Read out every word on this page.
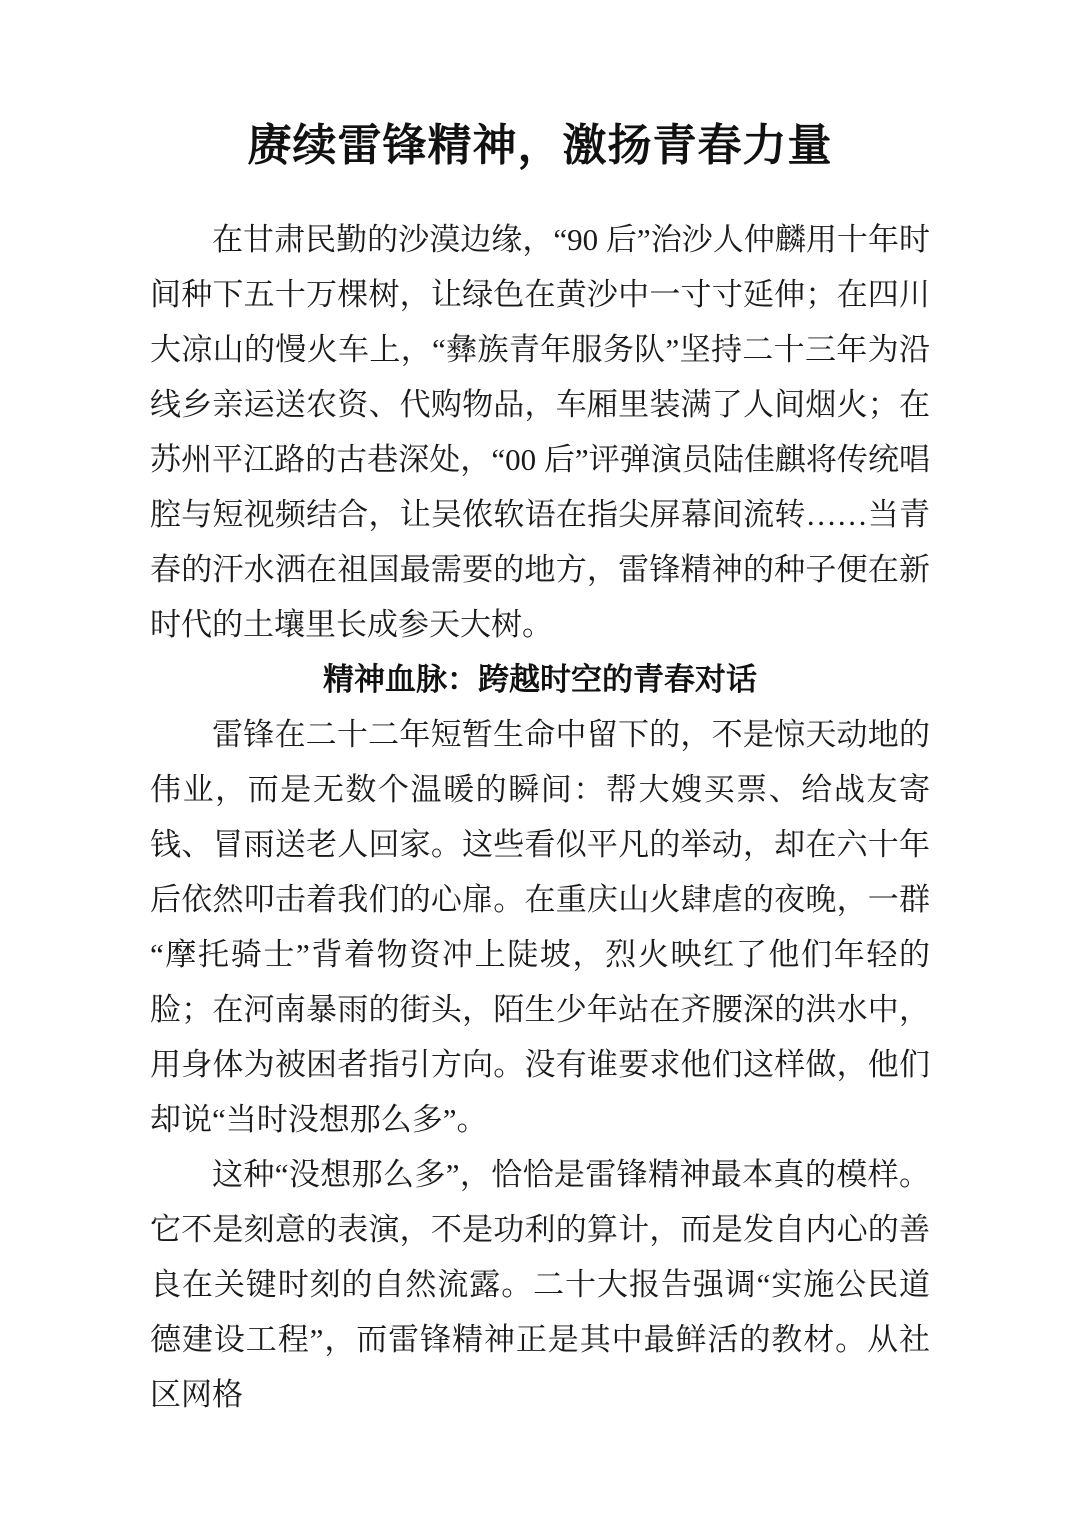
赓续雷锋精神，激扬青春力量

在甘肃民勤的沙漠边缘，“90 后”治沙人仲麟用十年时间种下五十万棵树，让绿色在黄沙中一寸寸延伸；在四川大凉山的慢火车上，“彝族青年服务队”坚持二十三年为沿线乡亲运送农资、代购物品，车厢里装满了人间烟火；在苏州平江路的古巷深处，“00 后”评弹演员陆佳麒将传统唱腔与短视频结合，让吴侬软语在指尖屏幕间流转……当青春的汗水洒在祖国最需要的地方，雷锋精神的种子便在新时代的土壤里长成参天大树。

精神血脉：跨越时空的青春对话

雷锋在二十二年短暂生命中留下的，不是惊天动地的伟业，而是无数个温暖的瞬间：帮大嫂买票、给战友寄钱、冒雨送老人回家。这些看似平凡的举动，却在六十年后依然叩击着我们的心扉。在重庆山火肆虐的夜晚，一群“摩托骑士”背着物资冲上陡坡，烈火映红了他们年轻的脸；在河南暴雨的街头，陌生少年站在齐腰深的洪水中，用身体为被困者指引方向。没有谁要求他们这样做，他们却说“当时没想那么多”。

这种“没想那么多”，恰恰是雷锋精神最本真的模样。它不是刻意的表演，不是功利的算计，而是发自内心的善良在关键时刻的自然流露。二十大报告强调“实施公民道德建设工程”，而雷锋精神正是其中最鲜活的教材。从社区网格
